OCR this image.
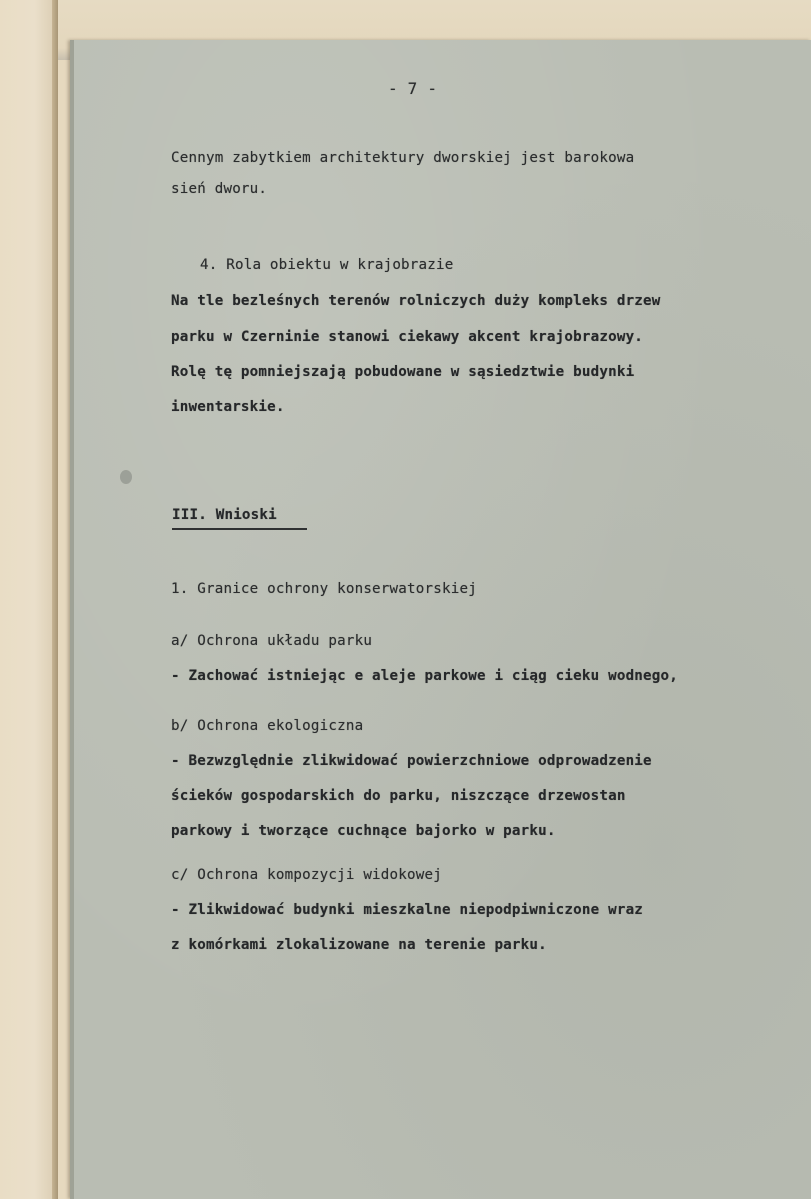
- 7 -
Cennym zabytkiem architektury dworskiej jest barokowa
sień dworu.
4. Rola obiektu w krajobrazie
Na tle bezleśnych terenów rolniczych duży kompleks drzew
parku w Czerninie stanowi ciekawy akcent krajobrazowy.
Rolę tę pomniejszają pobudowane w sąsiedztwie budynki
inwentarskie.
III. Wnioski
1. Granice ochrony konserwatorskiej
a/ Ochrona układu parku
- Zachować istniejąc e aleje parkowe i ciąg cieku wodnego,
b/ Ochrona ekologiczna
- Bezwzględnie zlikwidować powierzchniowe odprowadzenie
ścieków gospodarskich do parku, niszczące drzewostan
parkowy i tworzące cuchnące bajorko w parku.
c/ Ochrona kompozycji widokowej
- Zlikwidować budynki mieszkalne niepodpiwniczone wraz
z komórkami zlokalizowane na terenie parku.
